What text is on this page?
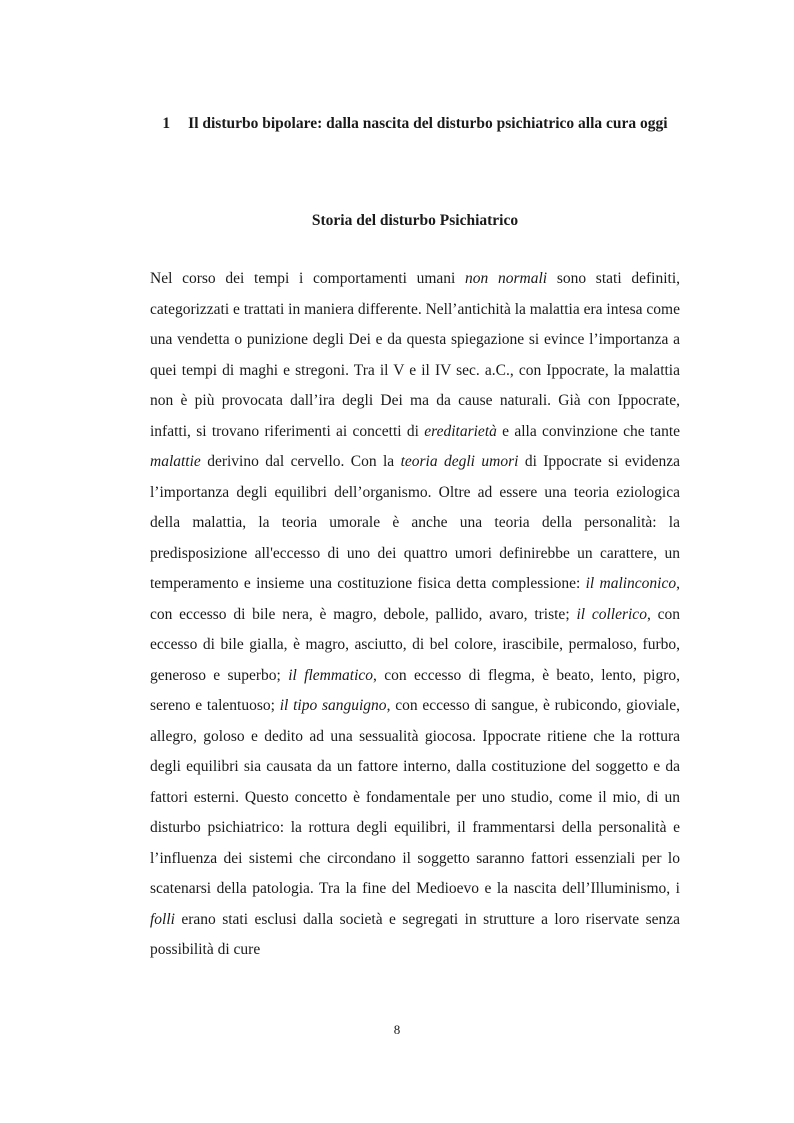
1 Il disturbo bipolare: dalla nascita del disturbo psichiatrico alla cura oggi
Storia del disturbo Psichiatrico

Nel corso dei tempi i comportamenti umani non normali sono stati definiti, categorizzati e trattati in maniera differente. Nell’antichità la malattia era intesa come una vendetta o punizione degli Dei e da questa spiegazione si evince l’importanza a quei tempi di maghi e stregoni. Tra il V e il IV sec. a.C., con Ippocrate, la malattia non è più provocata dall’ira degli Dei ma da cause naturali. Già con Ippocrate, infatti, si trovano riferimenti ai concetti di ereditarietà e alla convinzione che tante malattie derivino dal cervello. Con la teoria degli umori di Ippocrate si evidenza l’importanza degli equilibri dell’organismo. Oltre ad essere una teoria eziologica della malattia, la teoria umorale è anche una teoria della personalità: la predisposizione all'eccesso di uno dei quattro umori definirebbe un carattere, un temperamento e insieme una costituzione fisica detta complessione: il malinconico, con eccesso di bile nera, è magro, debole, pallido, avaro, triste; il collerico, con eccesso di bile gialla, è magro, asciutto, di bel colore, irascibile, permaloso, furbo, generoso e superbo; il flemmatico, con eccesso di flegma, è beato, lento, pigro, sereno e talentuoso; il tipo sanguigno, con eccesso di sangue, è rubicondo, gioviale, allegro, goloso e dedito ad una sessualità giocosa. Ippocrate ritiene che la rottura degli equilibri sia causata da un fattore interno, dalla costituzione del soggetto e da fattori esterni. Questo concetto è fondamentale per uno studio, come il mio, di un disturbo psichiatrico: la rottura degli equilibri, il frammentarsi della personalità e l’influenza dei sistemi che circondano il soggetto saranno fattori essenziali per lo scatenarsi della patologia. Tra la fine del Medioevo e la nascita dell’Illuminismo, i folli erano stati esclusi dalla società e segregati in strutture a loro riservate senza possibilità di cure

8
